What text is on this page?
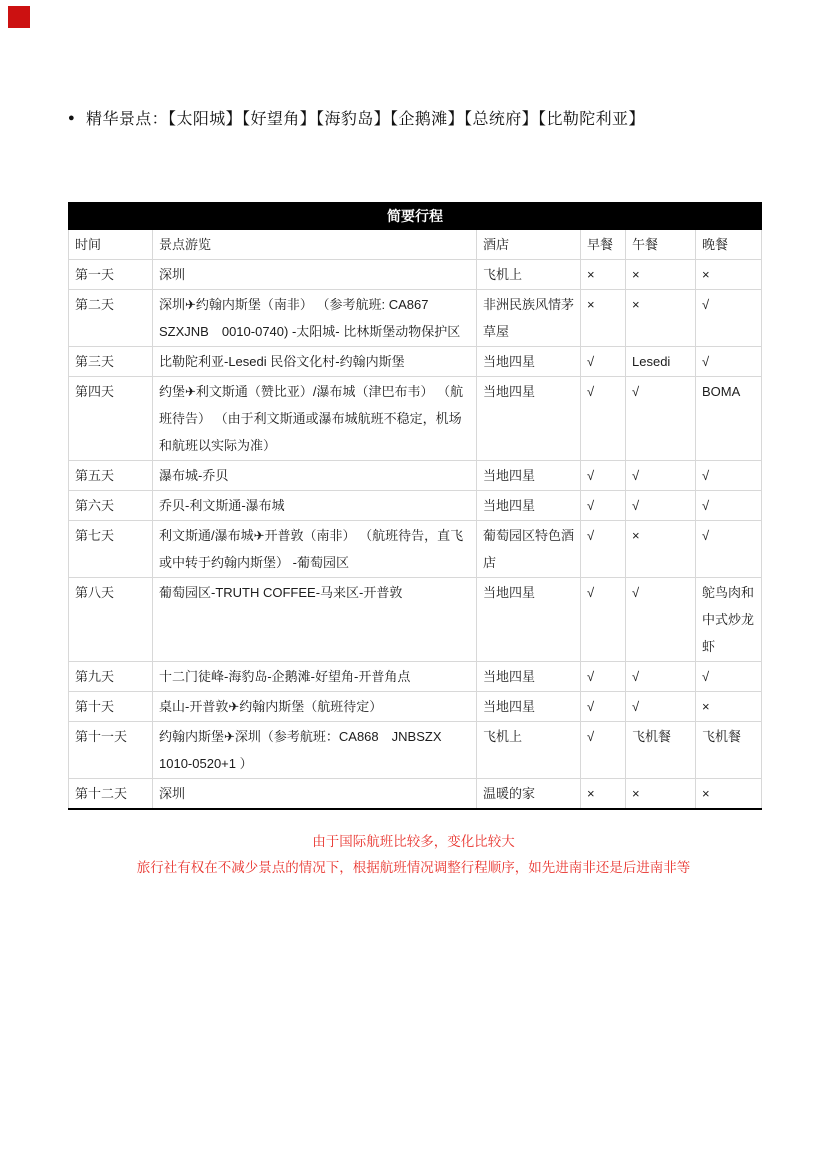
● 精华景点：【太阳城】【好望角】【海豹岛】【企鹅滩】【总统府】【比勒陀利亚】
简要行程					
时间	景点游览	酒店	早餐	午餐	晚餐
第一天	深圳	飞机上	×	×	×
第二天	深圳✈约翰内斯堡（南非） （参考航班: CA867 SZXJNB　0010-0740) -太阳城- 比林斯堡动物保护区	非洲民族风情茅草屋	×	×	√
第三天	比勒陀利亚-Lesedi 民俗文化村-约翰内斯堡	当地四星	√	Lesedi	√
第四天	约堡✈利文斯通（赞比亚）/瀑布城（津巴布韦） （航班待告） （由于利文斯通或瀑布城航班不稳定，机场和航班以实际为准）	当地四星	√	√	BOMA
第五天	瀑布城-乔贝	当地四星	√	√	√
第六天	乔贝-利文斯通-瀑布城	当地四星	√	√	√
第七天	利文斯通/瀑布城✈开普敦（南非） （航班待告，直飞或中转于约翰内斯堡） -葡萄园区	葡萄园区特色酒店	√	×	√
第八天	葡萄园区-TRUTH COFFEE-马来区-开普敦	当地四星	√	√	鸵鸟肉和中式炒龙虾
第九天	十二门徒峰-海豹岛-企鹅滩-好望角-开普角点	当地四星	√	√	√
第十天	桌山-开普敦✈约翰内斯堡（航班待定）	当地四星	√	√	×
第十一天	约翰内斯堡✈深圳（参考航班：CA868　JNBSZX 1010-0520+1 ）	飞机上	√	飞机餐	飞机餐
第十二天	深圳	温暖的家	×	×	×
由于国际航班比较多，变化比较大
旅行社有权在不减少景点的情况下，根据航班情况调整行程顺序，如先进南非还是后进南非等
